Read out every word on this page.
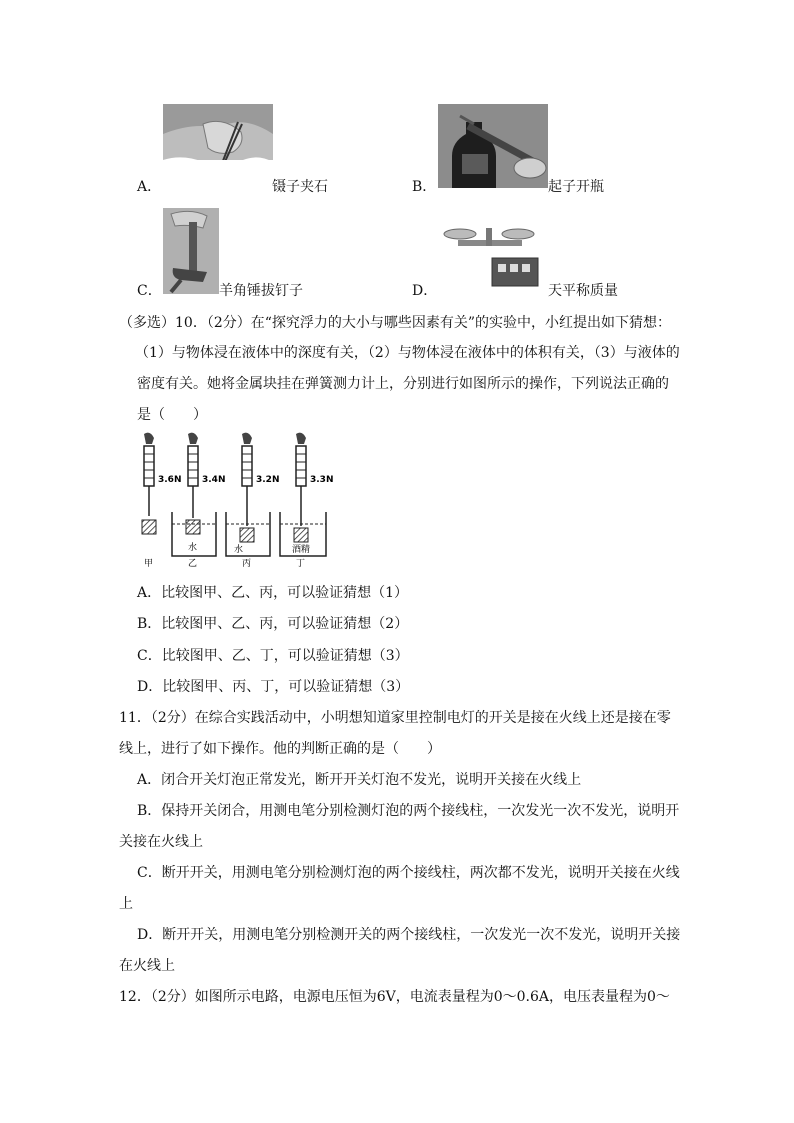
A．	镊子夹石	B．	起子开瓶
C．	羊角锤拔钉子	D．	天平称质量
（多选）10．（2分）在“探究浮力的大小与哪些因素有关”的实验中，小红提出如下猜想：
（1）与物体浸在液体中的深度有关，（2）与物体浸在液体中的体积有关，（3）与液体的
密度有关。她将金属块挂在弹簧测力计上，分别进行如图所示的操作，下列说法正确的
是（　　）
3.6N
甲
3.4N
水
乙
3.2N
水
丙
3.3N
酒精
丁
A．比较图甲、乙、丙，可以验证猜想（1）
B．比较图甲、乙、丙，可以验证猜想（2）
C．比较图甲、乙、丁，可以验证猜想（3）
D．比较图甲、丙、丁，可以验证猜想（3）
11．（2分）在综合实践活动中，小明想知道家里控制电灯的开关是接在火线上还是接在零
线上，进行了如下操作。他的判断正确的是（　　）
A．闭合开关灯泡正常发光，断开开关灯泡不发光，说明开关接在火线上
B．保持开关闭合，用测电笔分别检测灯泡的两个接线柱，一次发光一次不发光，说明开
关接在火线上
C．断开开关，用测电笔分别检测灯泡的两个接线柱，两次都不发光，说明开关接在火线
上
D．断开开关，用测电笔分别检测开关的两个接线柱，一次发光一次不发光，说明开关接
在火线上
12．（2分）如图所示电路，电源电压恒为6V，电流表量程为0～0.6A，电压表量程为0～
